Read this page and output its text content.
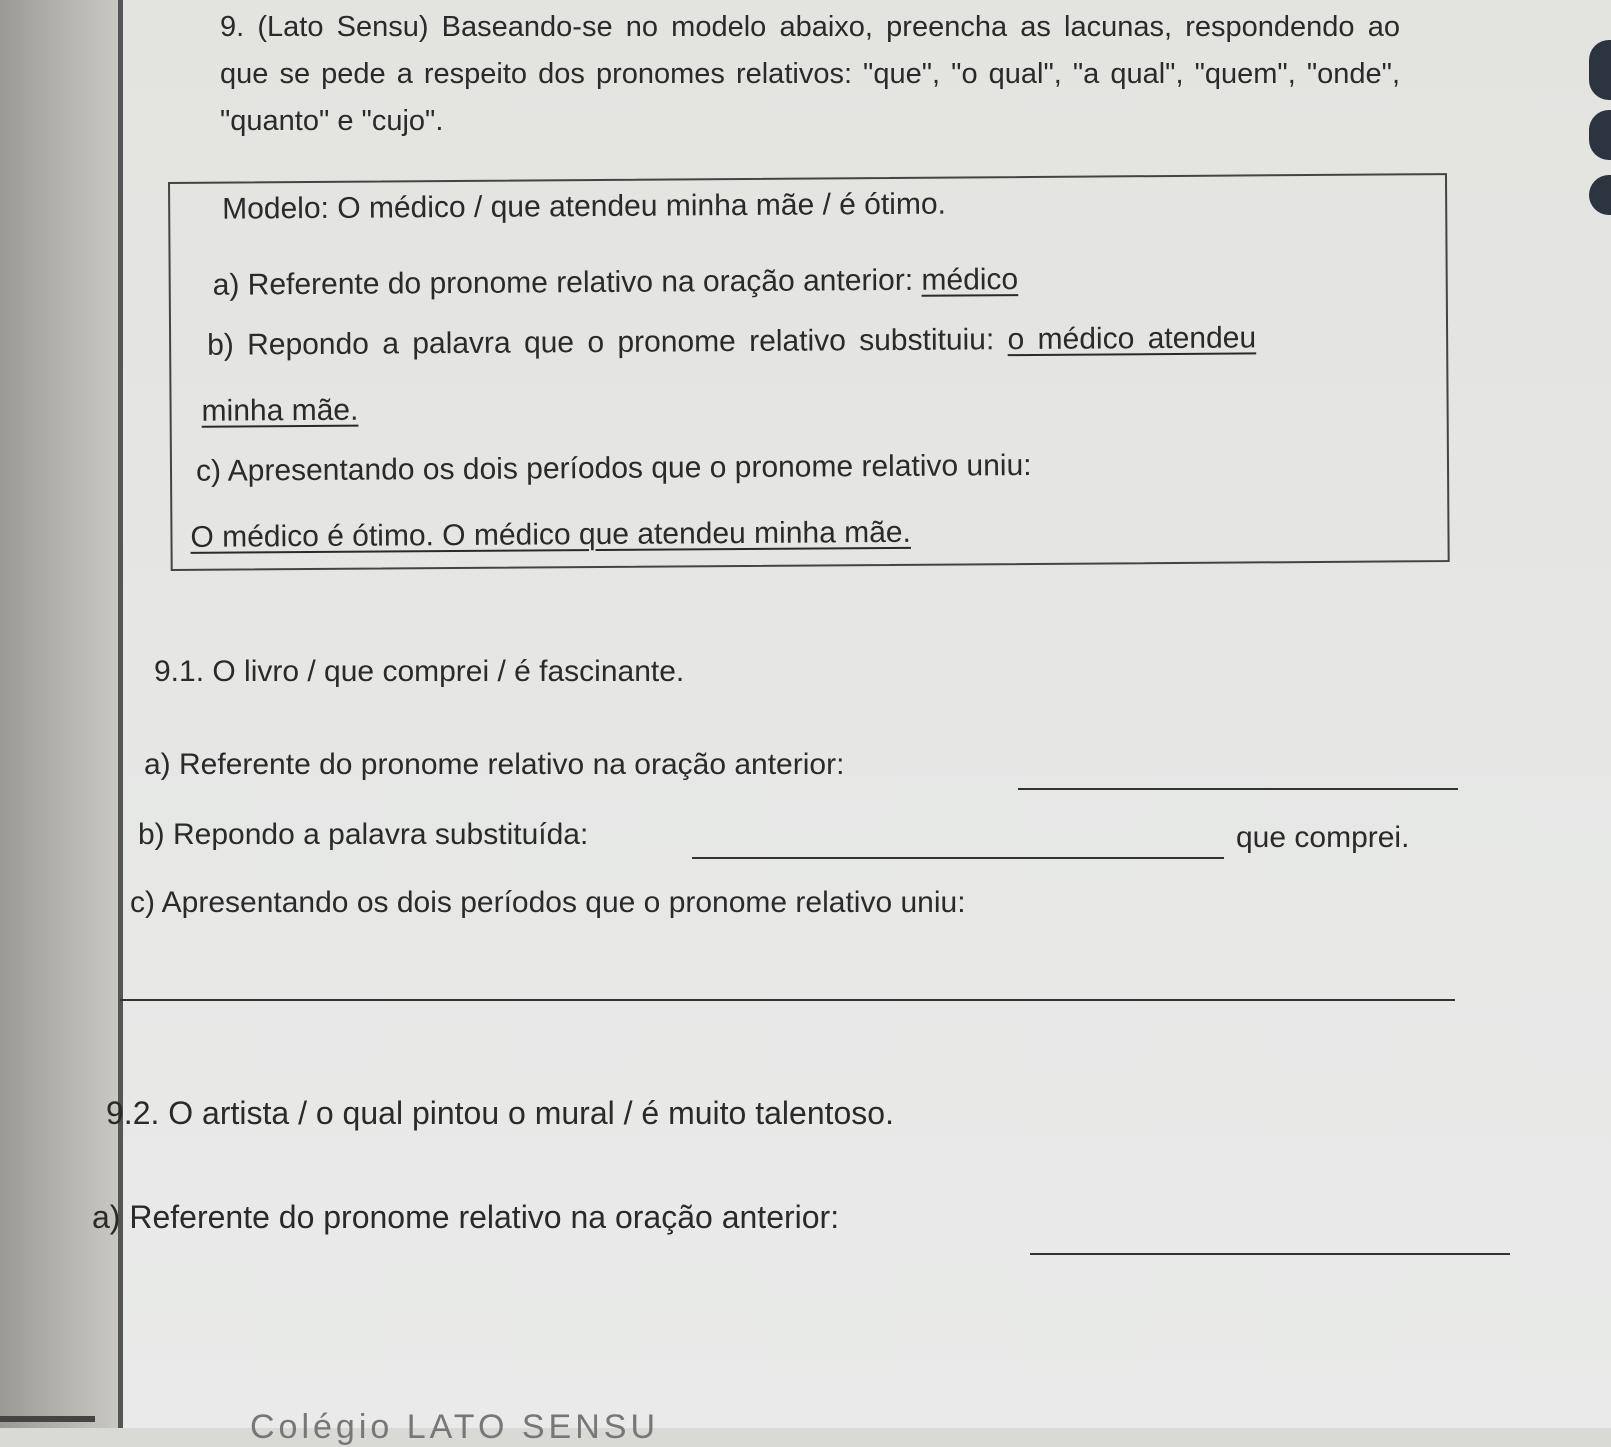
9. (Lato Sensu) Baseando-se no modelo abaixo, preencha as lacunas, respondendo ao que se pede a respeito dos pronomes relativos: "que", "o qual", "a qual", "quem", "onde", "quanto" e "cujo".
Modelo: O médico / que atendeu minha mãe / é ótimo.
a) Referente do pronome relativo na oração anterior: médico
b) Repondo a palavra que o pronome relativo substituiu: o médico atendeu
minha mãe.
c) Apresentando os dois períodos que o pronome relativo uniu:
O médico é ótimo. O médico que atendeu minha mãe.
9.1. O livro / que comprei / é fascinante.
a) Referente do pronome relativo na oração anterior:
b) Repondo a palavra substituída:	que comprei.
c) Apresentando os dois períodos que o pronome relativo uniu:
9.2. O artista / o qual pintou o mural / é muito talentoso.
a) Referente do pronome relativo na oração anterior:
Colégio LATO SENSU
